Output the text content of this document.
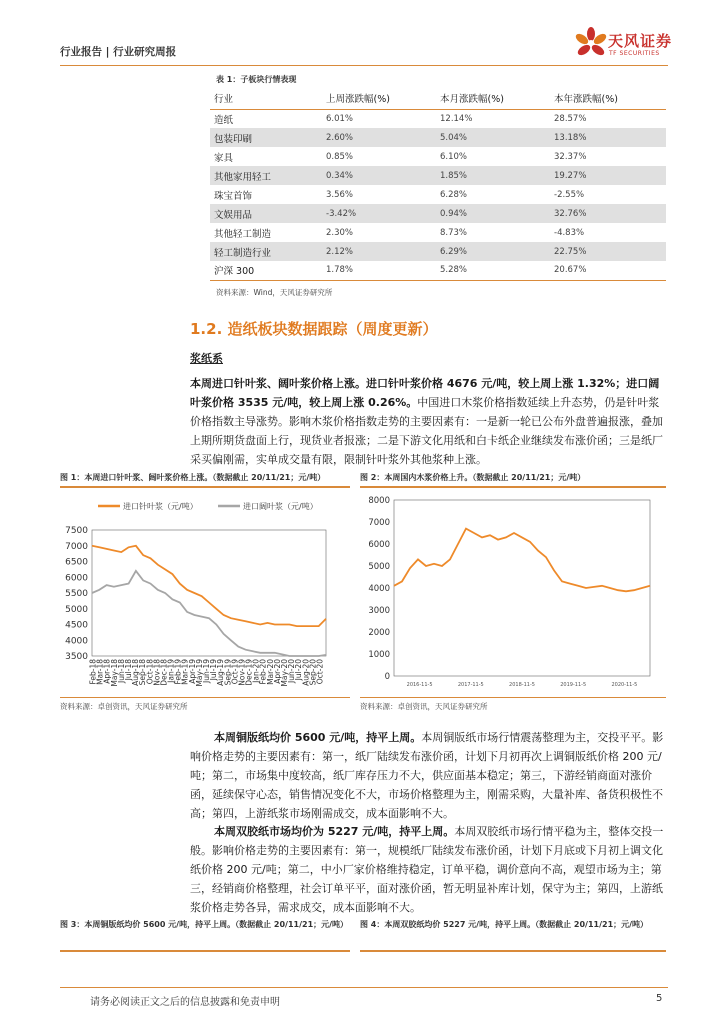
行业报告 | 行业研究周报
天风证券
TF SECURITIES
表 1：子板块行情表现
行业	上周涨跌幅(%)	本月涨跌幅(%)	本年涨跌幅(%)
造纸	6.01%	12.14%	28.57%
包装印刷	2.60%	5.04%	13.18%
家具	0.85%	6.10%	32.37%
其他家用轻工	0.34%	1.85%	19.27%
珠宝首饰	3.56%	6.28%	-2.55%
文娱用品	-3.42%	0.94%	32.76%
其他轻工制造	2.30%	8.73%	-4.83%
轻工制造行业	2.12%	6.29%	22.75%
沪深 300	1.78%	5.28%	20.67%
资料来源：Wind，天风证券研究所
1.2. 造纸板块数据跟踪（周度更新）
浆纸系
本周进口针叶浆、阔叶浆价格上涨。进口针叶浆价格 4676 元/吨，较上周上涨 1.32%；进口阔叶浆价格 3535 元/吨，较上周上涨 0.26%。中国进口木浆价格指数延续上升态势，仍是针叶浆价格指数主导涨势。影响木浆价格指数走势的主要因素有：一是新一轮已公布外盘普遍报涨，叠加上期所期货盘面上行，现货业者报涨；二是下游文化用纸和白卡纸企业继续发布涨价函；三是纸厂采买偏刚需，实单成交量有限，限制针叶浆外其他浆种上涨。
图 1：本周进口针叶浆、阔叶浆价格上涨。（数据截止 20/11/21；元/吨）	图 2：本周国内木浆价格上升。（数据截止 20/11/21；元/吨）
7500
7000
6500
6000
5500
5000
4500
4000
3500
Feb-18
Mar-18
Apr-18
May-18
Jun-18
Jul-18
Aug-18
Sep-18
Oct-18
Nov-18
Dec-18
Jan-19
Feb-19
Mar-19
Apr-19
May-19
Jun-19
Jul-19
Aug-19
Sep-19
Oct-19
Nov-19
Dec-19
Jan-20
Feb-20
Mar-20
Apr-20
May-20
Jun-20
Jul-20
Aug-20
Sep-20
Oct-20
进口针叶浆（元/吨）	进口阔叶浆（元/吨）
8000
7000
6000
5000
4000
3000
2000
1000
0
2016-11-5	2017-11-5	2018-11-5	2019-11-5	2020-11-5
资料来源：卓创资讯，天风证券研究所	资料来源：卓创资讯，天风证券研究所
本周铜版纸均价 5600 元/吨，持平上周。本周铜版纸市场行情震荡整理为主，交投平平。影响价格走势的主要因素有：第一，纸厂陆续发布涨价函，计划下月初再次上调铜版纸价格 200 元/吨；第二，市场集中度较高，纸厂库存压力不大，供应面基本稳定；第三，下游经销商面对涨价函，延续保守心态，销售情况变化不大，市场价格整理为主，刚需采购，大量补库、备货积极性不高；第四，上游纸浆市场刚需成交，成本面影响不大。
本周双胶纸市场均价为 5227 元/吨，持平上周。本周双胶纸市场行情平稳为主，整体交投一般。影响价格走势的主要因素有：第一，规模纸厂陆续发布涨价函，计划下月底或下月初上调文化纸价格 200 元/吨；第二，中小厂家价格维持稳定，订单平稳，调价意向不高，观望市场为主；第三，经销商价格整理，社会订单平平，面对涨价函，暂无明显补库计划，保守为主；第四，上游纸浆价格走势各异，需求成交，成本面影响不大。
图 3：本周铜版纸均价 5600 元/吨，持平上周。（数据截止 20/11/21；元/吨） 图 4：本周双胶纸均价 5227 元/吨，持平上周。（数据截止 20/11/21；元/吨）
请务必阅读正文之后的信息披露和免责申明	5
